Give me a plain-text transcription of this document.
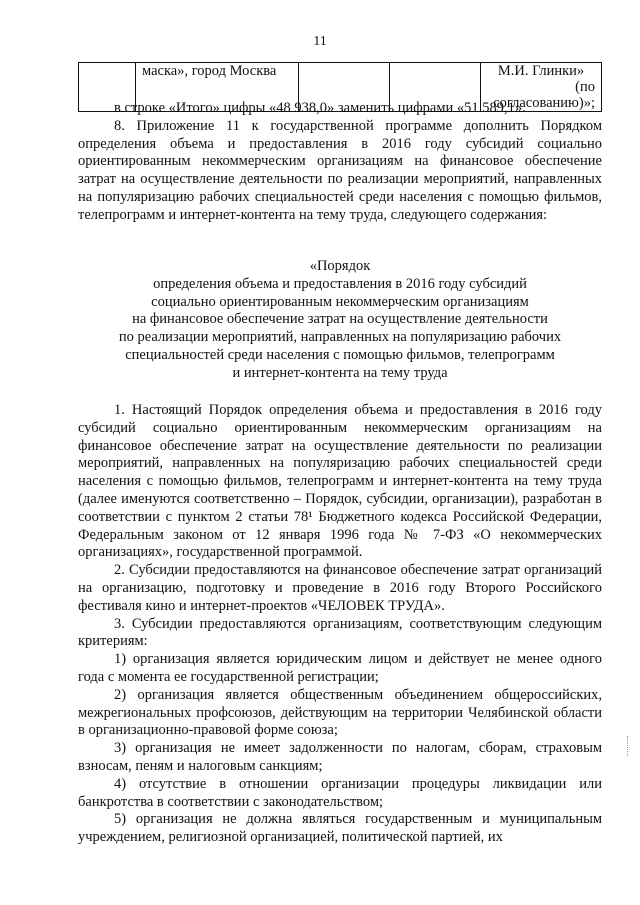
11
	маска», город Москва			М.И. Глинки»
(по согласованию)»;

в строке «Итого» цифры «48 938,0» заменить цифрами «51 589,1».

8. Приложение 11 к государственной программе дополнить Порядком определения объема и предоставления в 2016 году субсидий социально ориентированным некоммерческим организациям на финансовое обеспечение затрат на осуществление деятельности по реализации мероприятий, направленных на популяризацию рабочих специальностей среди населения с помощью фильмов, телепрограмм и интернет-контента на тему труда, следующего содержания:

«Порядок
определения объема и предоставления в 2016 году субсидий
социально ориентированным некоммерческим организациям
на финансовое обеспечение затрат на осуществление деятельности
по реализации мероприятий, направленных на популяризацию рабочих
специальностей среди населения с помощью фильмов, телепрограмм
и интернет-контента на тему труда

1. Настоящий Порядок определения объема и предоставления в 2016 году субсидий социально ориентированным некоммерческим организациям на финансовое обеспечение затрат на осуществление деятельности по реализации мероприятий, направленных на популяризацию рабочих специальностей среди населения с помощью фильмов, телепрограмм и интернет-контента на тему труда (далее именуются соответственно – Порядок, субсидии, организации), разработан в соответствии с пунктом 2 статьи 78¹ Бюджетного кодекса Российской Федерации, Федеральным законом от 12 января 1996 года № 7-ФЗ «О некоммерческих организациях», государственной программой.

2. Субсидии предоставляются на финансовое обеспечение затрат организаций на организацию, подготовку и проведение в 2016 году Второго Российского фестиваля кино и интернет-проектов «ЧЕЛОВЕК ТРУДА».

3. Субсидии предоставляются организациям, соответствующим следующим критериям:

1) организация является юридическим лицом и действует не менее одного года с момента ее государственной регистрации;

2) организация является общественным объединением общероссийских, межрегиональных профсоюзов, действующим на территории Челябинской области в организационно-правовой форме союза;

3) организация не имеет задолженности по налогам, сборам, страховым взносам, пеням и налоговым санкциям;

4) отсутствие в отношении организации процедуры ликвидации или банкротства в соответствии с законодательством;

5) организация не должна являться государственным и муниципальным учреждением, религиозной организацией, политической партией, их
